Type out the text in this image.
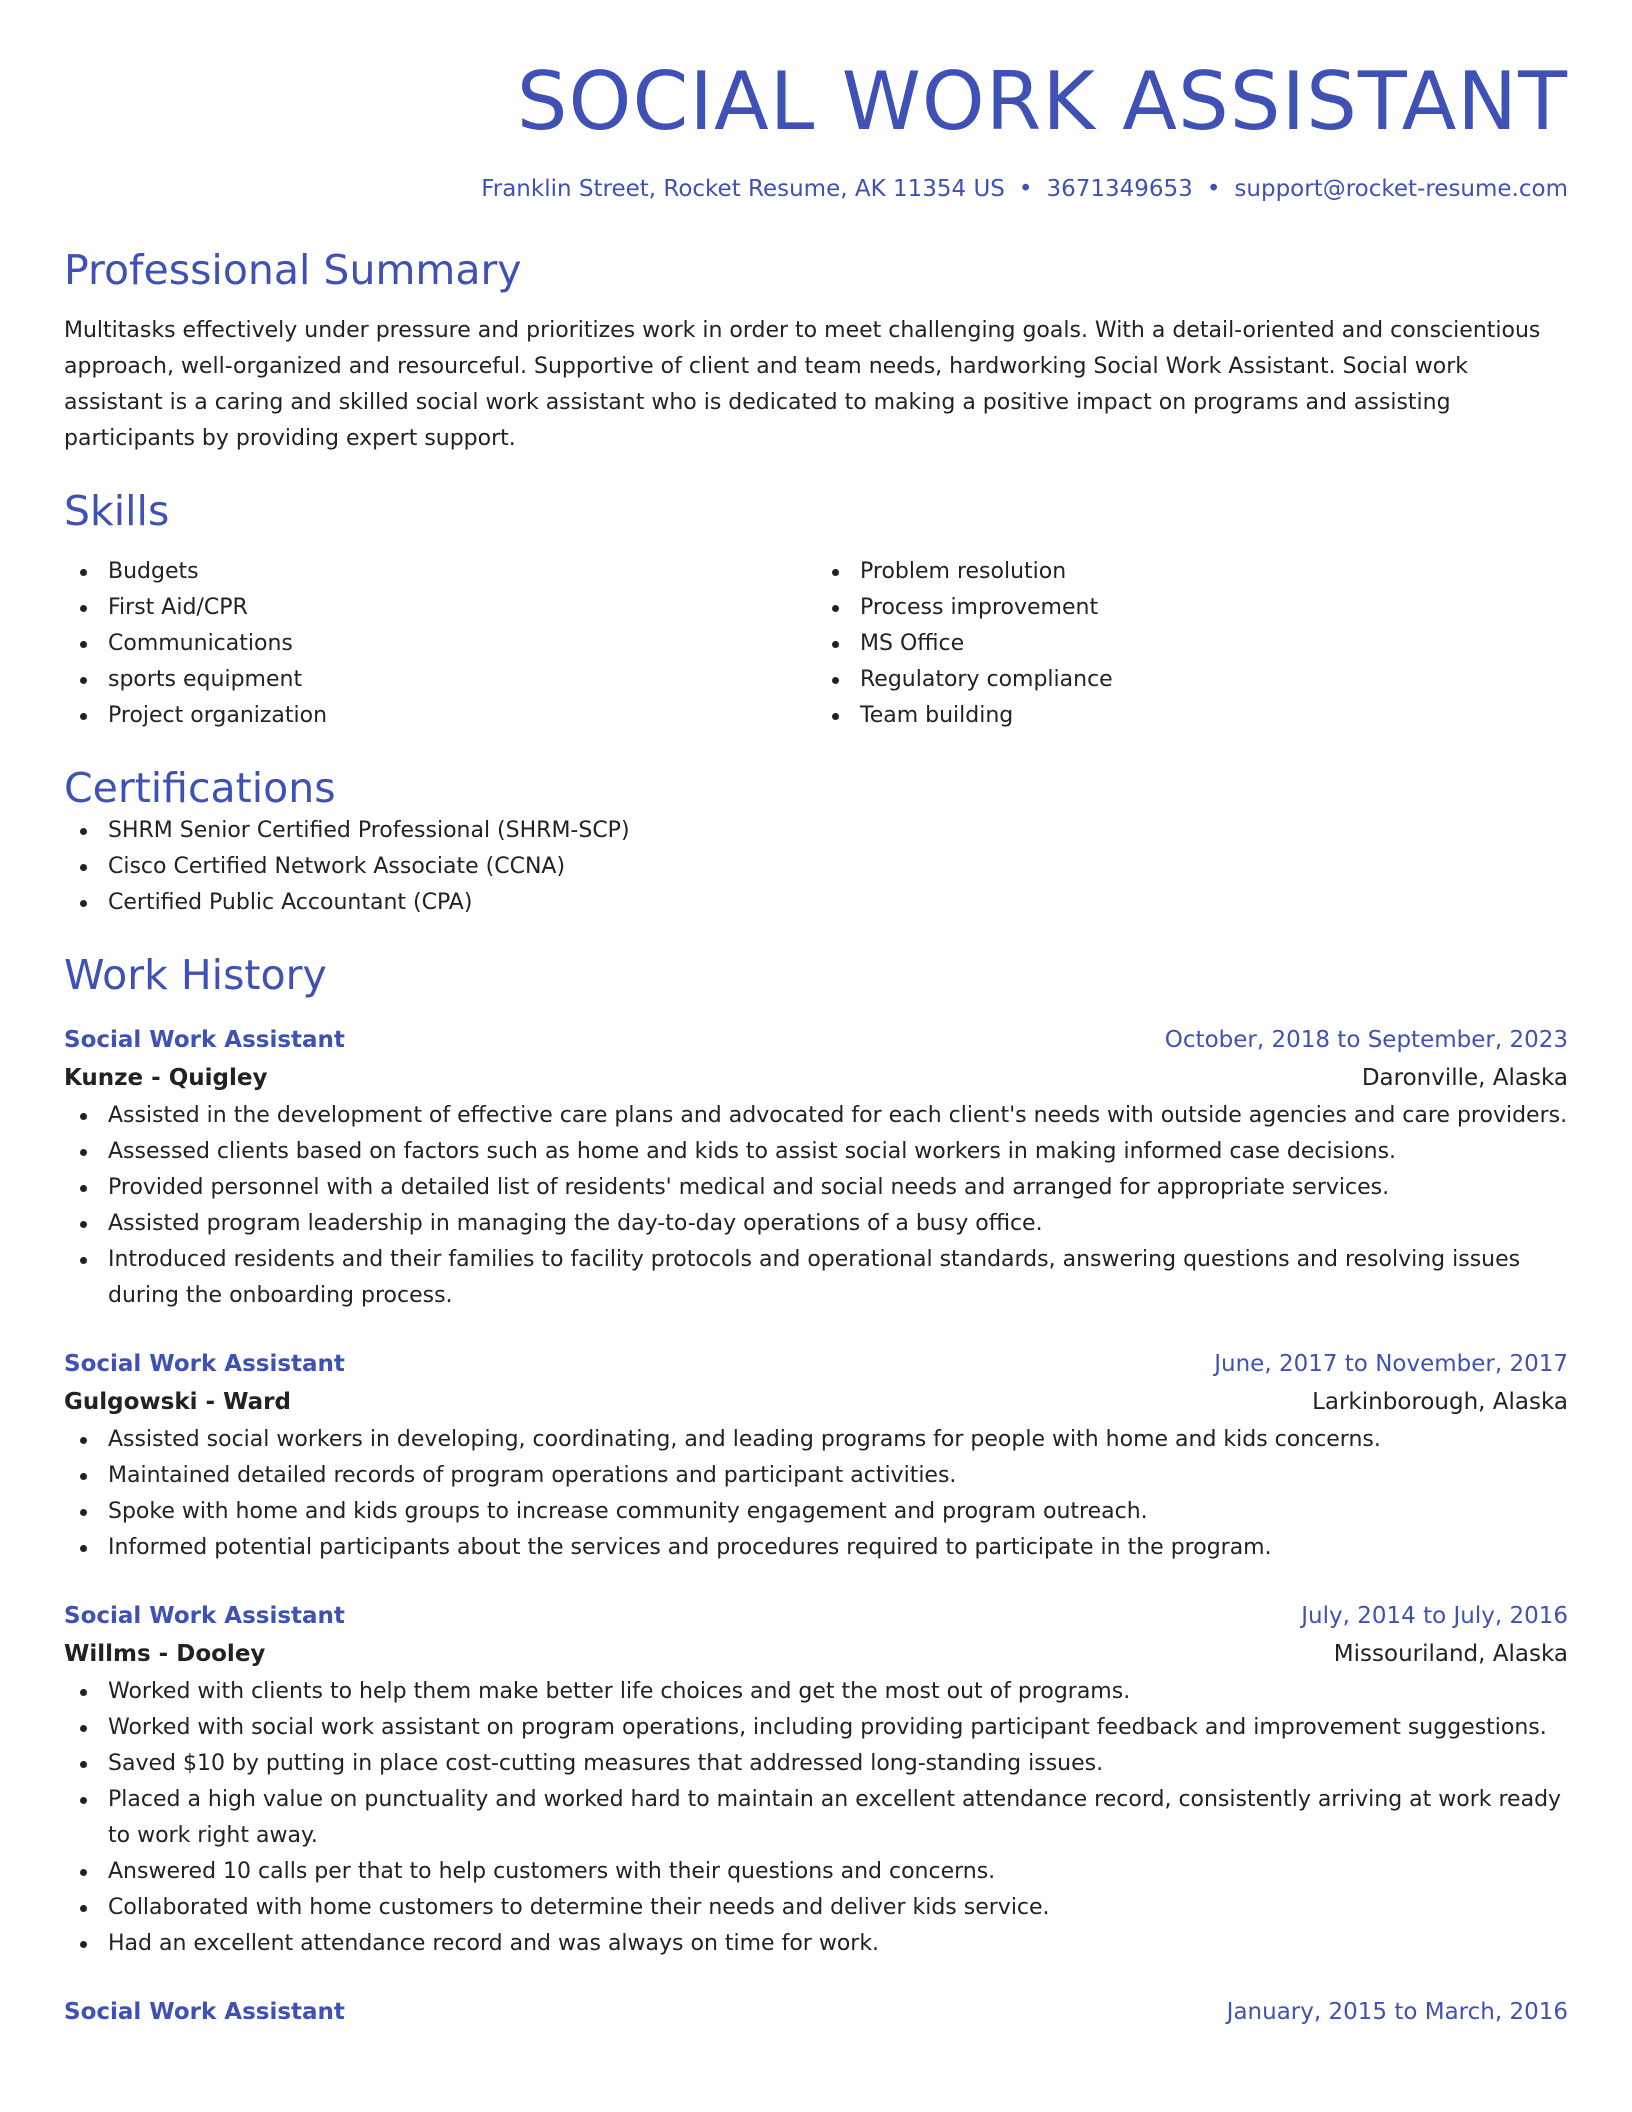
SOCIAL WORK ASSISTANT
Franklin Street, Rocket Resume, AK 11354 US • 3671349653 • support@rocket-resume.com
Professional Summary

Multitasks effectively under pressure and prioritizes work in order to meet challenging goals. With a detail-oriented and conscientious approach, well-organized and resourceful. Supportive of client and team needs, hardworking Social Work Assistant. Social work assistant is a caring and skilled social work assistant who is dedicated to making a positive impact on programs and assisting participants by providing expert support.

Skills
Budgets
First Aid/CPR
Communications
sports equipment
Project organization
Problem resolution
Process improvement
MS Office
Regulatory compliance
Team building
Certifications
SHRM Senior Certified Professional (SHRM-SCP)
Cisco Certified Network Associate (CCNA)
Certified Public Accountant (CPA)
Work History
Social Work Assistant	October, 2018 to September, 2023
Kunze - Quigley	Daronville, Alaska
Assisted in the development of effective care plans and advocated for each client's needs with outside agencies and care providers.
Assessed clients based on factors such as home and kids to assist social workers in making informed case decisions.
Provided personnel with a detailed list of residents' medical and social needs and arranged for appropriate services.
Assisted program leadership in managing the day-to-day operations of a busy office.
Introduced residents and their families to facility protocols and operational standards, answering questions and resolving issues during the onboarding process.
Social Work Assistant	June, 2017 to November, 2017
Gulgowski - Ward	Larkinborough, Alaska
Assisted social workers in developing, coordinating, and leading programs for people with home and kids concerns.
Maintained detailed records of program operations and participant activities.
Spoke with home and kids groups to increase community engagement and program outreach.
Informed potential participants about the services and procedures required to participate in the program.
Social Work Assistant	July, 2014 to July, 2016
Willms - Dooley	Missouriland, Alaska
Worked with clients to help them make better life choices and get the most out of programs.
Worked with social work assistant on program operations, including providing participant feedback and improvement suggestions.
Saved $10 by putting in place cost-cutting measures that addressed long-standing issues.
Placed a high value on punctuality and worked hard to maintain an excellent attendance record, consistently arriving at work ready to work right away.
Answered 10 calls per that to help customers with their questions and concerns.
Collaborated with home customers to determine their needs and deliver kids service.
Had an excellent attendance record and was always on time for work.
Social Work Assistant	January, 2015 to March, 2016
